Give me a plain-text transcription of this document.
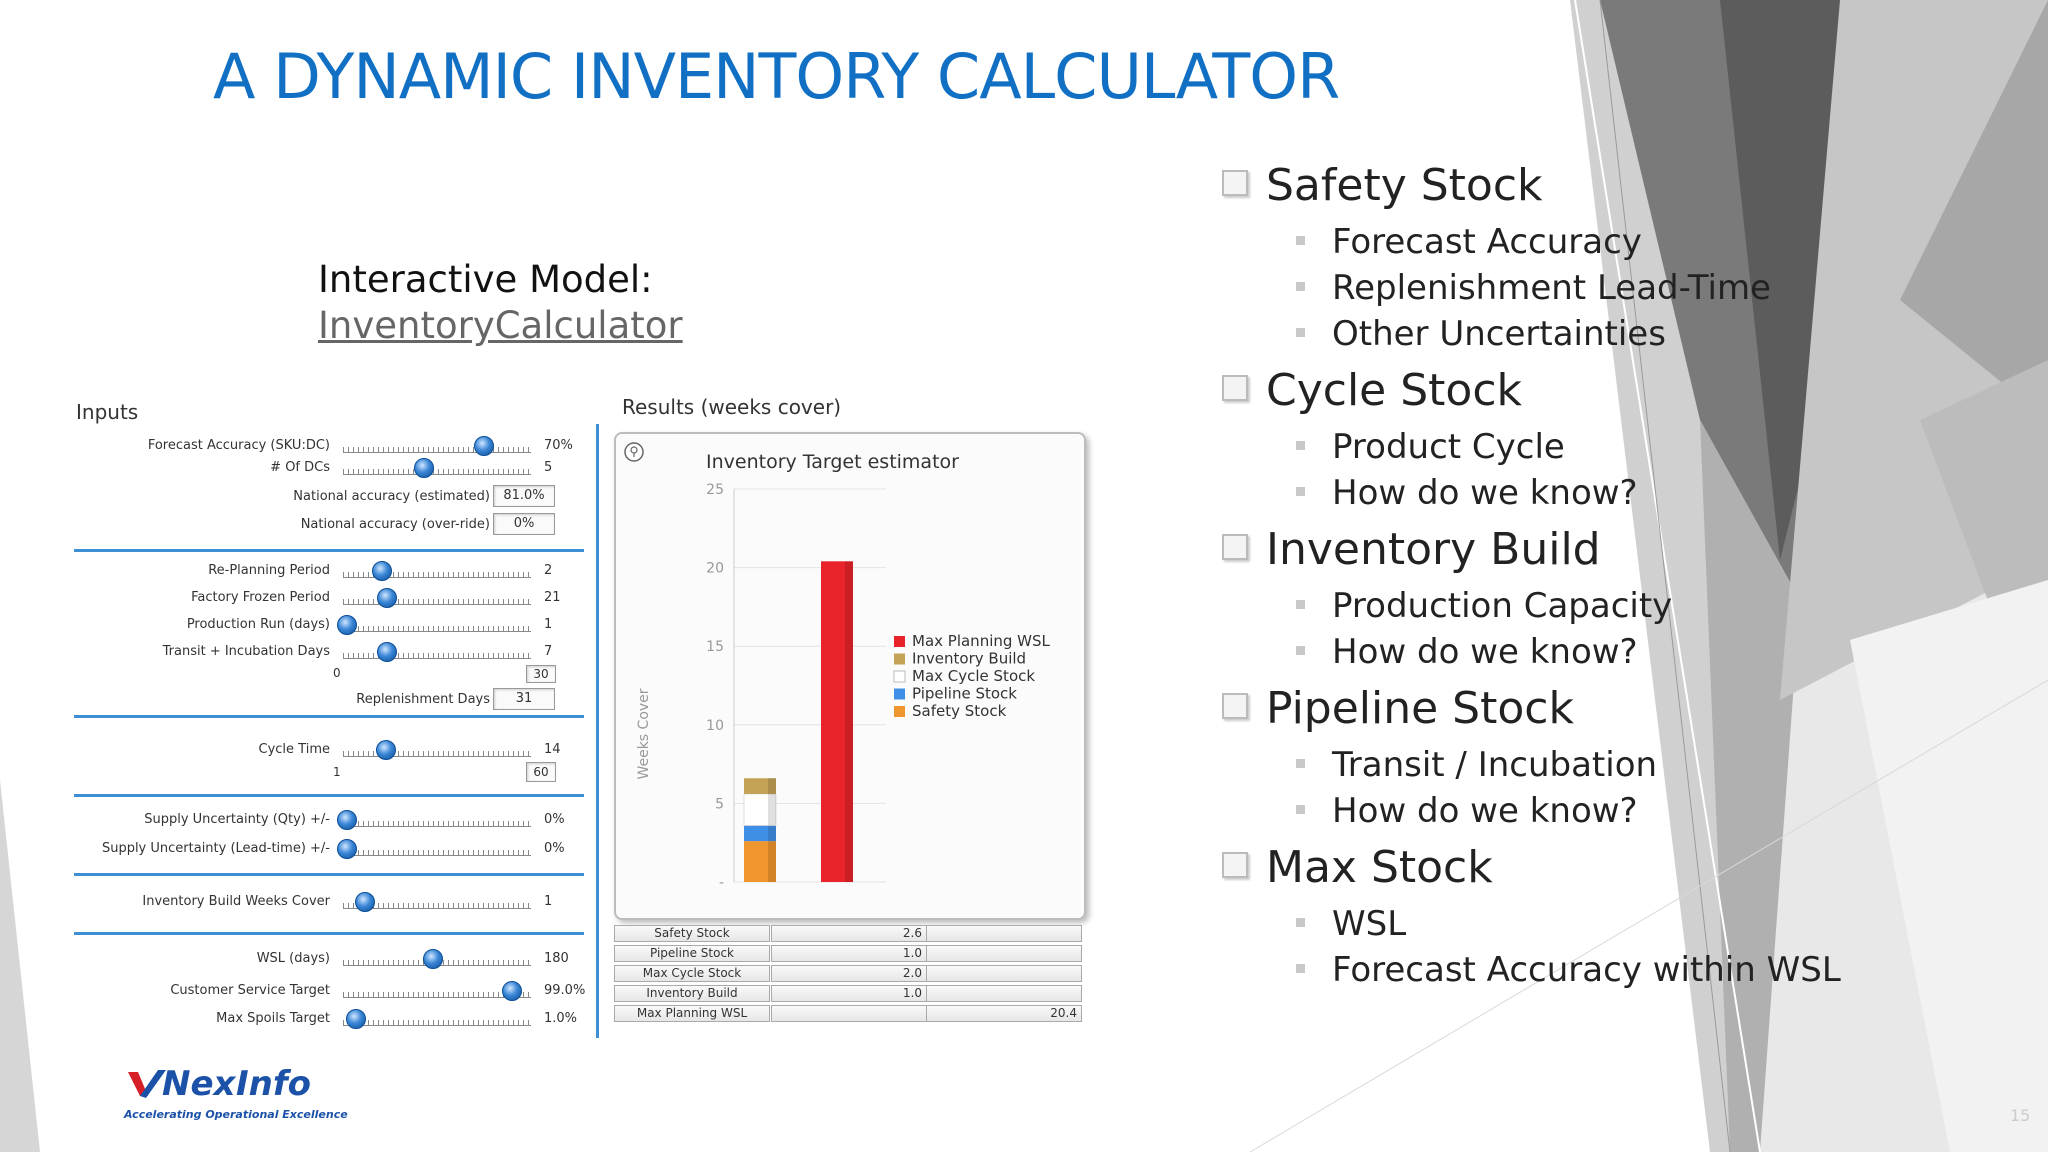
A DYNAMIC INVENTORY CALCULATOR
Interactive Model:
InventoryCalculator
Safety Stock
Forecast Accuracy
Replenishment Lead-Time
Other Uncertainties
Cycle Stock
Product Cycle
How do we know?
Inventory Build
Production Capacity
How do we know?
Pipeline Stock
Transit / Incubation
How do we know?
Max Stock
WSL
Forecast Accuracy within WSL
Inputs
Forecast Accuracy (SKU:DC)	70%
# Of DCs	5
National accuracy (estimated)	81.0%
National accuracy (over-ride)	0%
Re-Planning Period	2
Factory Frozen Period	21
Production Run (days)	1
Transit + Incubation Days	7
0	30
Replenishment Days	31
Cycle Time	14
1	60
Supply Uncertainty (Qty) +/-	0%
Supply Uncertainty (Lead-time) +/-	0%
Inventory Build Weeks Cover	1
WSL (days)	180
Customer Service Target	99.0%
Max Spoils Target	1.0%
Results (weeks cover)
Inventory Target estimator
Weeks Cover
25
20
15
10
5
-
Max Planning WSL
Inventory Build
Max Cycle Stock
Pipeline Stock
Safety Stock
Safety Stock	2.6
Pipeline Stock	1.0
Max Cycle Stock	2.0
Inventory Build	1.0
Max Planning WSL	20.4
Nex Info
Accelerating Operational Excellence	15
